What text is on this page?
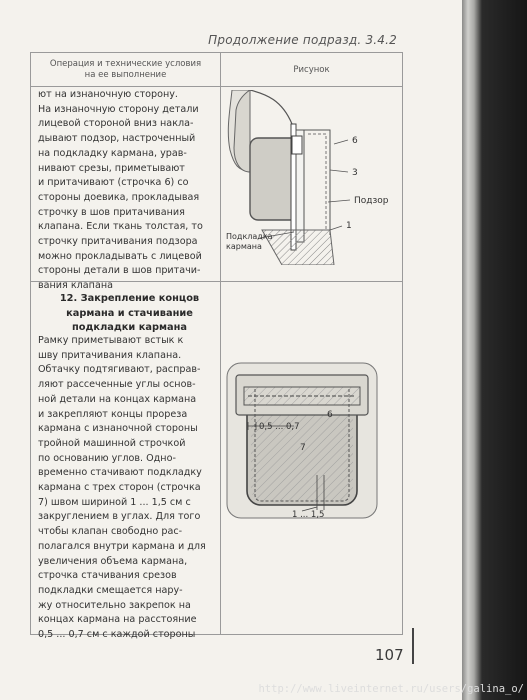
Продолжение подразд. 3.4.2
Операция и технические условия
на ее выполнение	Рисунок
ют на изнаночную сторону.
На изнаночную сторону детали
лицевой стороной вниз накла-
дывают подзор, настроченный
на подкладку кармана, урав-
нивают срезы, приметывают
и притачивают (строчка 6) со
стороны доевика, прокладывая
строчку в шов притачивания
клапана. Если ткань толстая, то
строчку притачивания подзора
можно прокладывать с лицевой
стороны детали в шов притачи-
вания клапана
12. Закрепление концов
кармана и стачивание
подкладки кармана
Рамку приметывают встык к
шву притачивания клапана.
Обтачку подтягивают, расправ-
ляют рассеченные углы основ-
ной детали на концах кармана
и закрепляют концы прореза
кармана с изнаночной стороны
тройной машинной строчкой
по основанию углов. Одно-
временно стачивают подкладку
кармана с трех сторон (строчка
7) швом шириной 1 ... 1,5 см с
закруглением в углах. Для того
чтобы клапан свободно рас-
полагался внутри кармана и для
увеличения объема кармана,
строчка стачивания срезов
подкладки смещается нару-
жу относительно закрепок на
концах кармана на расстояние
0,5 ... 0,7 см с каждой стороны
6
3
Подзор
1
Подкладка
кармана
0,5 ... 0,7
6
7
1 ... 1,5
107
http://www.liveinternet.ru/users/galina_o/
